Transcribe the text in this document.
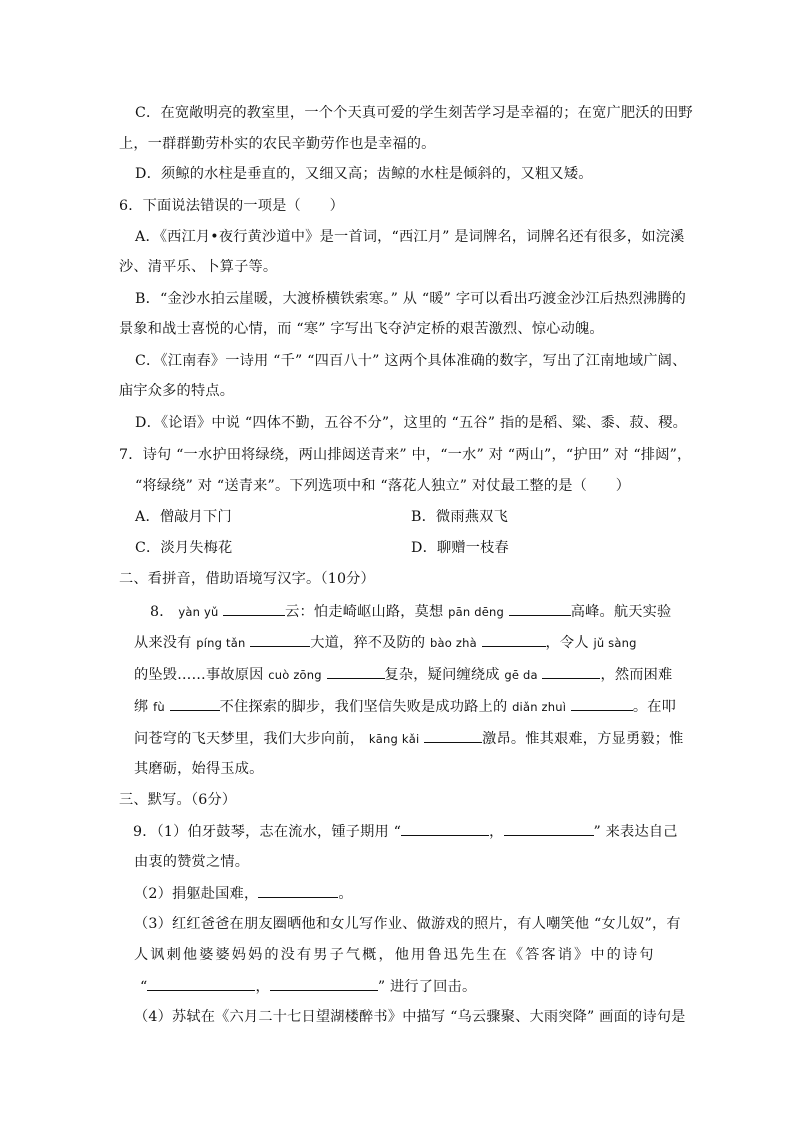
C．在宽敞明亮的教室里，一个个天真可爱的学生刻苦学习是幸福的；在宽广肥沃的田野
上，一群群勤劳朴实的农民辛勤劳作也是幸福的。
D．须鲸的水柱是垂直的，又细又高；齿鲸的水柱是倾斜的，又粗又矮。
6．下面说法错误的一项是（　　）
A．《西江月•夜行黄沙道中》是一首词，“西江月” 是词牌名，词牌名还有很多，如浣溪
沙、清平乐、卜算子等。
B．“金沙水拍云崖暖，大渡桥横铁索寒。” 从 “暖” 字可以看出巧渡金沙江后热烈沸腾的
景象和战士喜悦的心情，而 “寒” 字写出飞夺泸定桥的艰苦激烈、惊心动魄。
C．《江南春》一诗用 “千” “四百八十” 这两个具体准确的数字，写出了江南地域广阔、
庙宇众多的特点。
D．《论语》中说 “四体不勤，五谷不分”，这里的 “五谷” 指的是稻、粱、黍、菽、稷。
7．诗句 “一水护田将绿绕，两山排闼送青来” 中，“一水” 对 “两山”，“护田” 对 “排闼”，
“将绿绕” 对 “送青来”。下列选项中和 “落花人独立” 对仗最工整的是（　　）
A．僧敲月下门	B．微雨燕双飞
C．淡月失梅花	D．聊赠一枝春
二、看拼音，借助语境写汉字。（10分）
8． yàn yǔ	云：怕走崎岖山路，莫想 pān dēng	高峰。航天实验
从来没有 píng tǎn	大道，猝不及防的 bào zhà	，令人 jǔ sàng
的坠毁……事故原因 cuò zōng	复杂，疑问缠绕成 gē da	，然而困难
绑 fù	不住探索的脚步，我们坚信失败是成功路上的 diǎn zhuì	。在叩
问苍穹的飞天梦里，我们大步向前， kāng kǎi	激昂。惟其艰难，方显勇毅；惟
其磨砺，始得玉成。
三、默写。（6分）
9．（1）伯牙鼓琴，志在流水，锺子期用 “	，	” 来表达自己
由衷的赞赏之情。
（2）捐躯赴国难，	。
（3）红红爸爸在朋友圈晒他和女儿写作业、做游戏的照片，有人嘲笑他 “女儿奴”，有
人 讽 刺 他 婆 婆 妈 妈 的 没 有 男 子 气 概 ， 他 用 鲁 迅 先 生 在 《 答 客 诮 》 中 的 诗 句
“	，	” 进行了回击。
（4）苏轼在《六月二十七日望湖楼醉书》中描写 “乌云骤聚、大雨突降” 画面的诗句是
